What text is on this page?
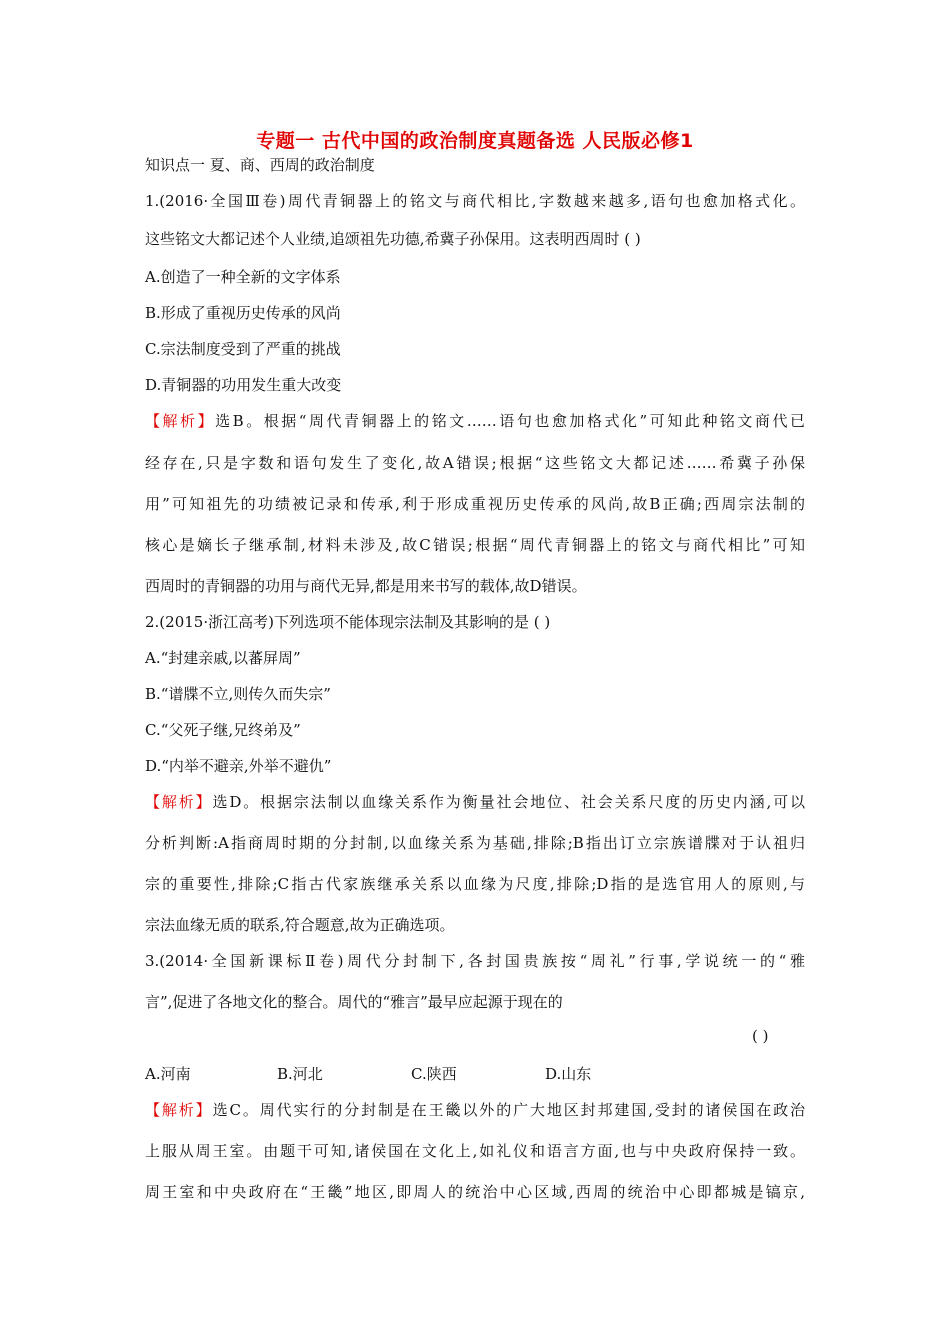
专题一 古代中国的政治制度真题备选 人民版必修1
知识点一 夏、商、西周的政治制度
1.(2016·全国Ⅲ卷)周代青铜器上的铭文与商代相比,字数越来越多,语句也愈加格式化。
这些铭文大都记述个人业绩,追颂祖先功德,希冀子孙保用。这表明西周时 ( )
A.创造了一种全新的文字体系
B.形成了重视历史传承的风尚
C.宗法制度受到了严重的挑战
D.青铜器的功用发生重大改变
【解析】选B。根据“周代青铜器上的铭文……语句也愈加格式化”可知此种铭文商代已
经存在,只是字数和语句发生了变化,故A错误;根据“这些铭文大都记述……希冀子孙保
用”可知祖先的功绩被记录和传承,利于形成重视历史传承的风尚,故B正确;西周宗法制的
核心是嫡长子继承制,材料未涉及,故C错误;根据“周代青铜器上的铭文与商代相比”可知
西周时的青铜器的功用与商代无异,都是用来书写的载体,故D错误。
2.(2015·浙江高考)下列选项不能体现宗法制及其影响的是 ( )
A.“封建亲戚,以蕃屏周”
B.“谱牒不立,则传久而失宗”
C.“父死子继,兄终弟及”
D.“内举不避亲,外举不避仇”
【解析】选D。根据宗法制以血缘关系作为衡量社会地位、社会关系尺度的历史内涵,可以
分析判断:A指商周时期的分封制,以血缘关系为基础,排除;B指出订立宗族谱牒对于认祖归
宗的重要性,排除;C指古代家族继承关系以血缘为尺度,排除;D指的是选官用人的原则,与
宗法血缘无质的联系,符合题意,故为正确选项。
3.(2014·全国新课标Ⅱ卷)周代分封制下,各封国贵族按“周礼”行事,学说统一的“雅
言”,促进了各地文化的整合。周代的“雅言”最早应起源于现在的
( )
A.河南	B.河北	C.陕西	D.山东
【解析】选C。周代实行的分封制是在王畿以外的广大地区封邦建国,受封的诸侯国在政治
上服从周王室。由题干可知,诸侯国在文化上,如礼仪和语言方面,也与中央政府保持一致。
周王室和中央政府在“王畿”地区,即周人的统治中心区域,西周的统治中心即都城是镐京,
